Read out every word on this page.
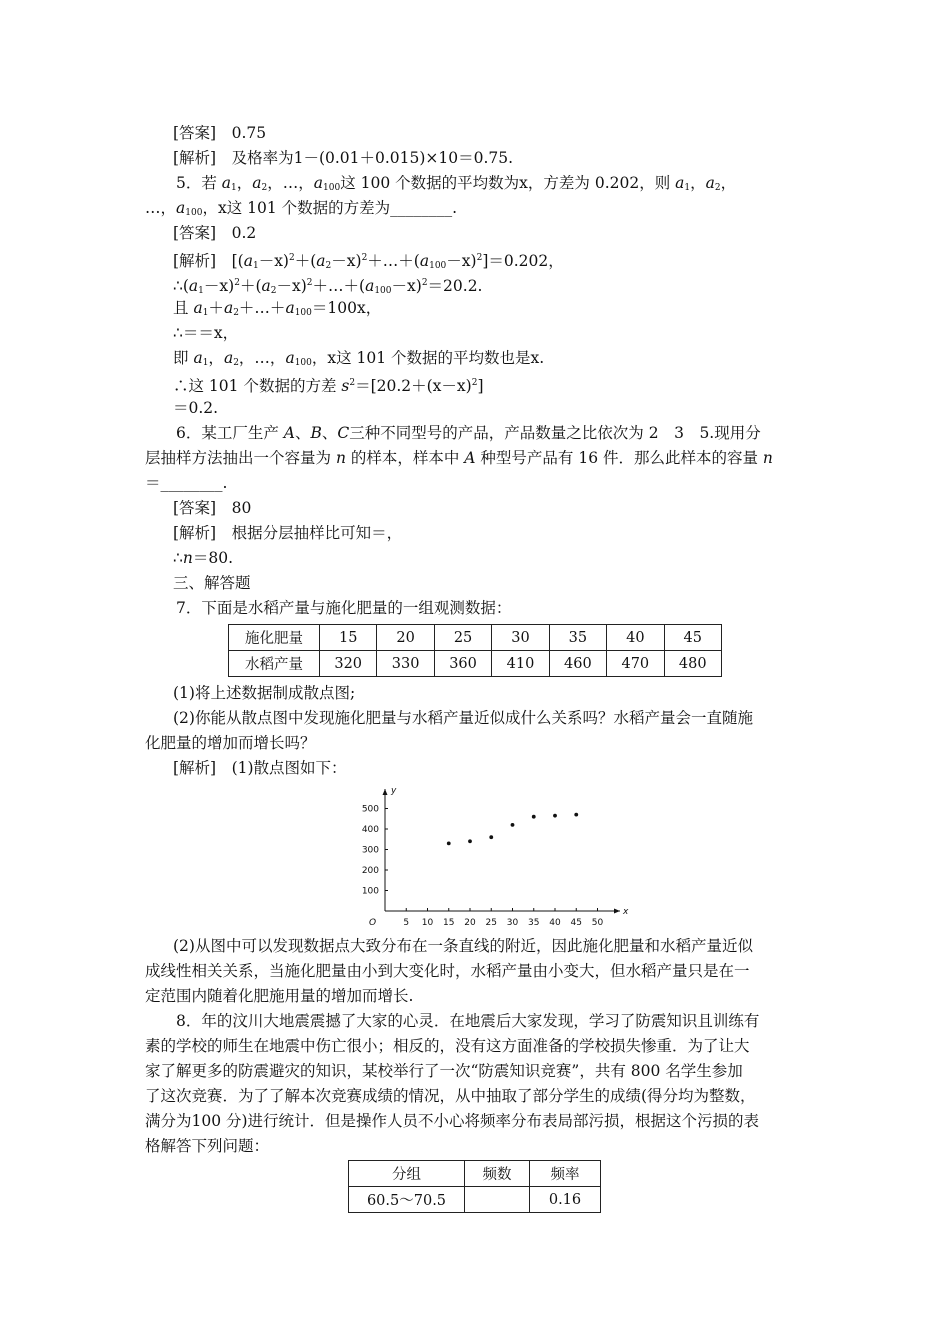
[答案]　0.75
[解析]　及格率为1－(0.01＋0.015)×10＝0.75.
5．若 $a_1$，$a_2$，…，$a_{100}$这 100 个数据的平均数为x，方差为 0.202，则 $a_1$，$a_2$，
…，$a_{100}$，x这 101 个数据的方差为________.
[答案]　0.2
[解析]　$[(a_1-x)^2+(a_2-x)^2+\dots+(a_{100}-x)^2]=0.202$，
$\therefore(a_1-x)^2+(a_2-x)^2+\dots+(a_{100}-x)^2=20.2$.
且 $a_1+a_2+\dots+a_{100}=100x$，
∴＝＝x，
即 $a_1$，$a_2$，…，$a_{100}$，x这 101 个数据的平均数也是x.
∴这 101 个数据的方差 $s^2=[20.2+(x-x)^2]$
＝0.2.
6．某工厂生产 A、B、C三种不同型号的产品，产品数量之比依次为 2　3　5.现用分
层抽样方法抽出一个容量为 n 的样本，样本中 A 种型号产品有 16 件．那么此样本的容量 n
＝________.
[答案]　80
[解析]　根据分层抽样比可知＝，
∴n＝80.
三、解答题
7．下面是水稻产量与施化肥量的一组观测数据：
施化肥量	15	20	25	30	35	40	45
水稻产量	320	330	360	410	460	470	480
(1)将上述数据制成散点图;
(2)你能从散点图中发现施化肥量与水稻产量近似成什么关系吗？水稻产量会一直随施
化肥量的增加而增长吗？
[解析]　(1)散点图如下：
x
y
O	5 10 15 20 25 30 35 40 45 50
100
200
300
400
500
(2)从图中可以发现数据点大致分布在一条直线的附近，因此施化肥量和水稻产量近似
成线性相关关系，当施化肥量由小到大变化时，水稻产量由小变大，但水稻产量只是在一
定范围内随着化肥施用量的增加而增长.
8．年的汶川大地震震撼了大家的心灵．在地震后大家发现，学习了防震知识且训练有
素的学校的师生在地震中伤亡很小；相反的，没有这方面准备的学校损失惨重．为了让大
家了解更多的防震避灾的知识，某校举行了一次“防震知识竞赛”，共有 800 名学生参加
了这次竞赛．为了了解本次竞赛成绩的情况，从中抽取了部分学生的成绩(得分均为整数，
满分为100 分)进行统计．但是操作人员不小心将频率分布表局部污损，根据这个污损的表
格解答下列问题：
分组	频数	频率
60.5～70.5		0.16
